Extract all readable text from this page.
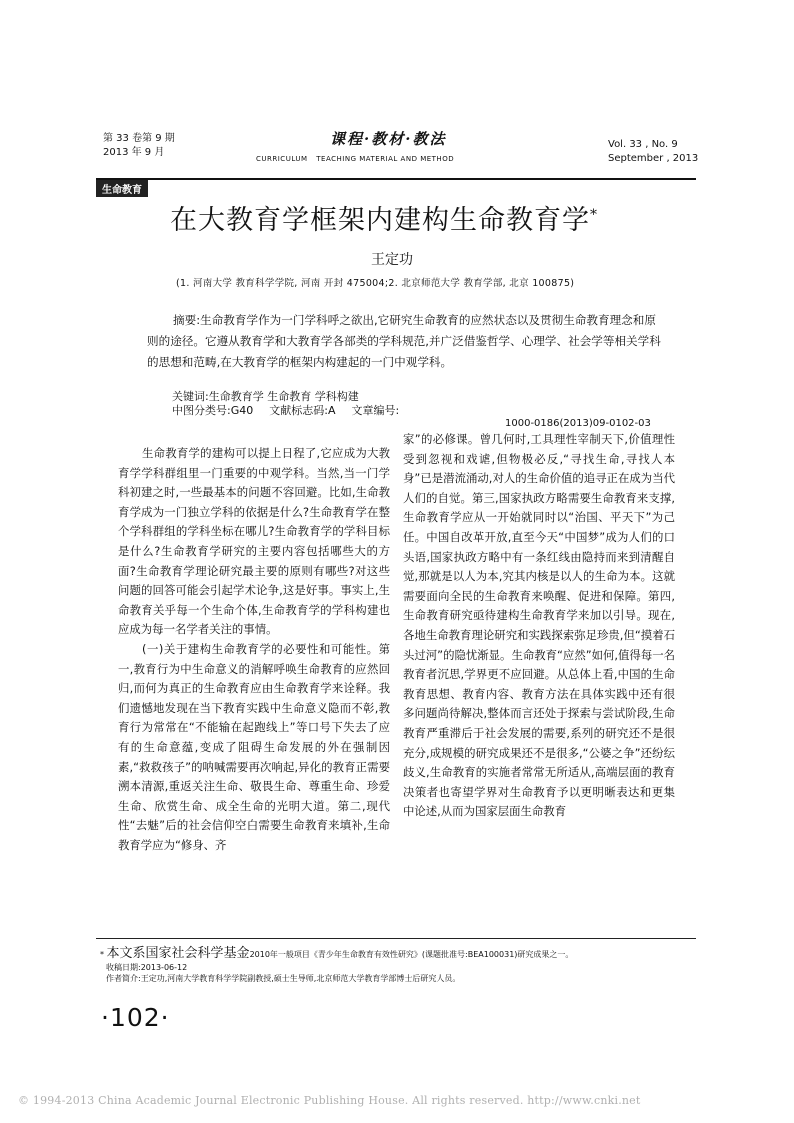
第 33 卷第 9 期
2013 年 9 月
课程·教材·教法
CURRICULUM TEACHING MATERIAL AND METHOD
Vol. 33 , No. 9
September , 2013
生命教育
在大教育学框架内建构生命教育学*
王定功
(1. 河南大学 教育科学学院, 河南 开封 475004;2. 北京师范大学 教育学部, 北京 100875)

摘要:生命教育学作为一门学科呼之欲出,它研究生命教育的应然状态以及贯彻生命教育理念和原则的途径。它遵从教育学和大教育学各部类的学科规范,并广泛借鉴哲学、心理学、社会学等相关学科的思想和范畴,在大教育学的框架内构建起的一门中观学科。

关键词:生命教育学 生命教育 学科构建
中图分类号:G40 文献标志码:A 文章编号:
1000-0186(2013)09-0102-03

生命教育学的建构可以提上日程了,它应成为大教育学学科群组里一门重要的中观学科。当然,当一门学科初建之时,一些最基本的问题不容回避。比如,生命教育学成为一门独立学科的依据是什么?生命教育学在整个学科群组的学科坐标在哪儿?生命教育学的学科目标是什么?生命教育学研究的主要内容包括哪些大的方面?生命教育学理论研究最主要的原则有哪些?对这些问题的回答可能会引起学术论争,这是好事。事实上,生命教育关乎每一个生命个体,生命教育学的学科构建也应成为每一名学者关注的事情。

(一)关于建构生命教育学的必要性和可能性。第一,教育行为中生命意义的消解呼唤生命教育的应然回归,而何为真正的生命教育应由生命教育学来诠释。我们遗憾地发现在当下教育实践中生命意义隐而不彰,教育行为常常在“不能输在起跑线上”等口号下失去了应有的生命意蕴,变成了阻碍生命发展的外在强制因素,“救救孩子”的呐喊需要再次响起,异化的教育正需要溯本清源,重返关注生命、敬畏生命、尊重生命、珍爱生命、欣赏生命、成全生命的光明大道。第二,现代性“去魅”后的社会信仰空白需要生命教育来填补,生命教育学应为“修身、齐

家”的必修课。曾几何时,工具理性宰制天下,价值理性受到忽视和戏谑,但物极必反,“寻找生命,寻找人本身”已是潜流涌动,对人的生命价值的追寻正在成为当代人们的自觉。第三,国家执政方略需要生命教育来支撑,生命教育学应从一开始就同时以“治国、平天下”为己任。中国自改革开放,直至今天“中国梦”成为人们的口头语,国家执政方略中有一条红线由隐持而来到清醒自觉,那就是以人为本,究其内核是以人的生命为本。这就需要面向全民的生命教育来唤醒、促进和保障。第四,生命教育研究亟待建构生命教育学来加以引导。现在,各地生命教育理论研究和实践探索弥足珍贵,但“摸着石头过河”的隐忧渐显。生命教育“应然”如何,值得每一名教育者沉思,学界更不应回避。从总体上看,中国的生命教育思想、教育内容、教育方法在具体实践中还有很多问题尚待解决,整体而言还处于探索与尝试阶段,生命教育严重滞后于社会发展的需要,系列的研究还不是很充分,成规模的研究成果还不是很多,“公婆之争”还纷纭歧义,生命教育的实施者常常无所适从,高端层面的教育决策者也寄望学界对生命教育予以更明晰表达和更集中论述,从而为国家层面生命教育

* 本文系国家社会科学基金2010年一般项目《青少年生命教育有效性研究》(课题批准号:BEA100031)研究成果之一。
收稿日期:2013-06-12
作者简介:王定功,河南大学教育科学学院副教授,硕士生导师,北京师范大学教育学部博士后研究人员。
·102·
© 1994-2013 China Academic Journal Electronic Publishing House. All rights reserved. http://www.cnki.net
